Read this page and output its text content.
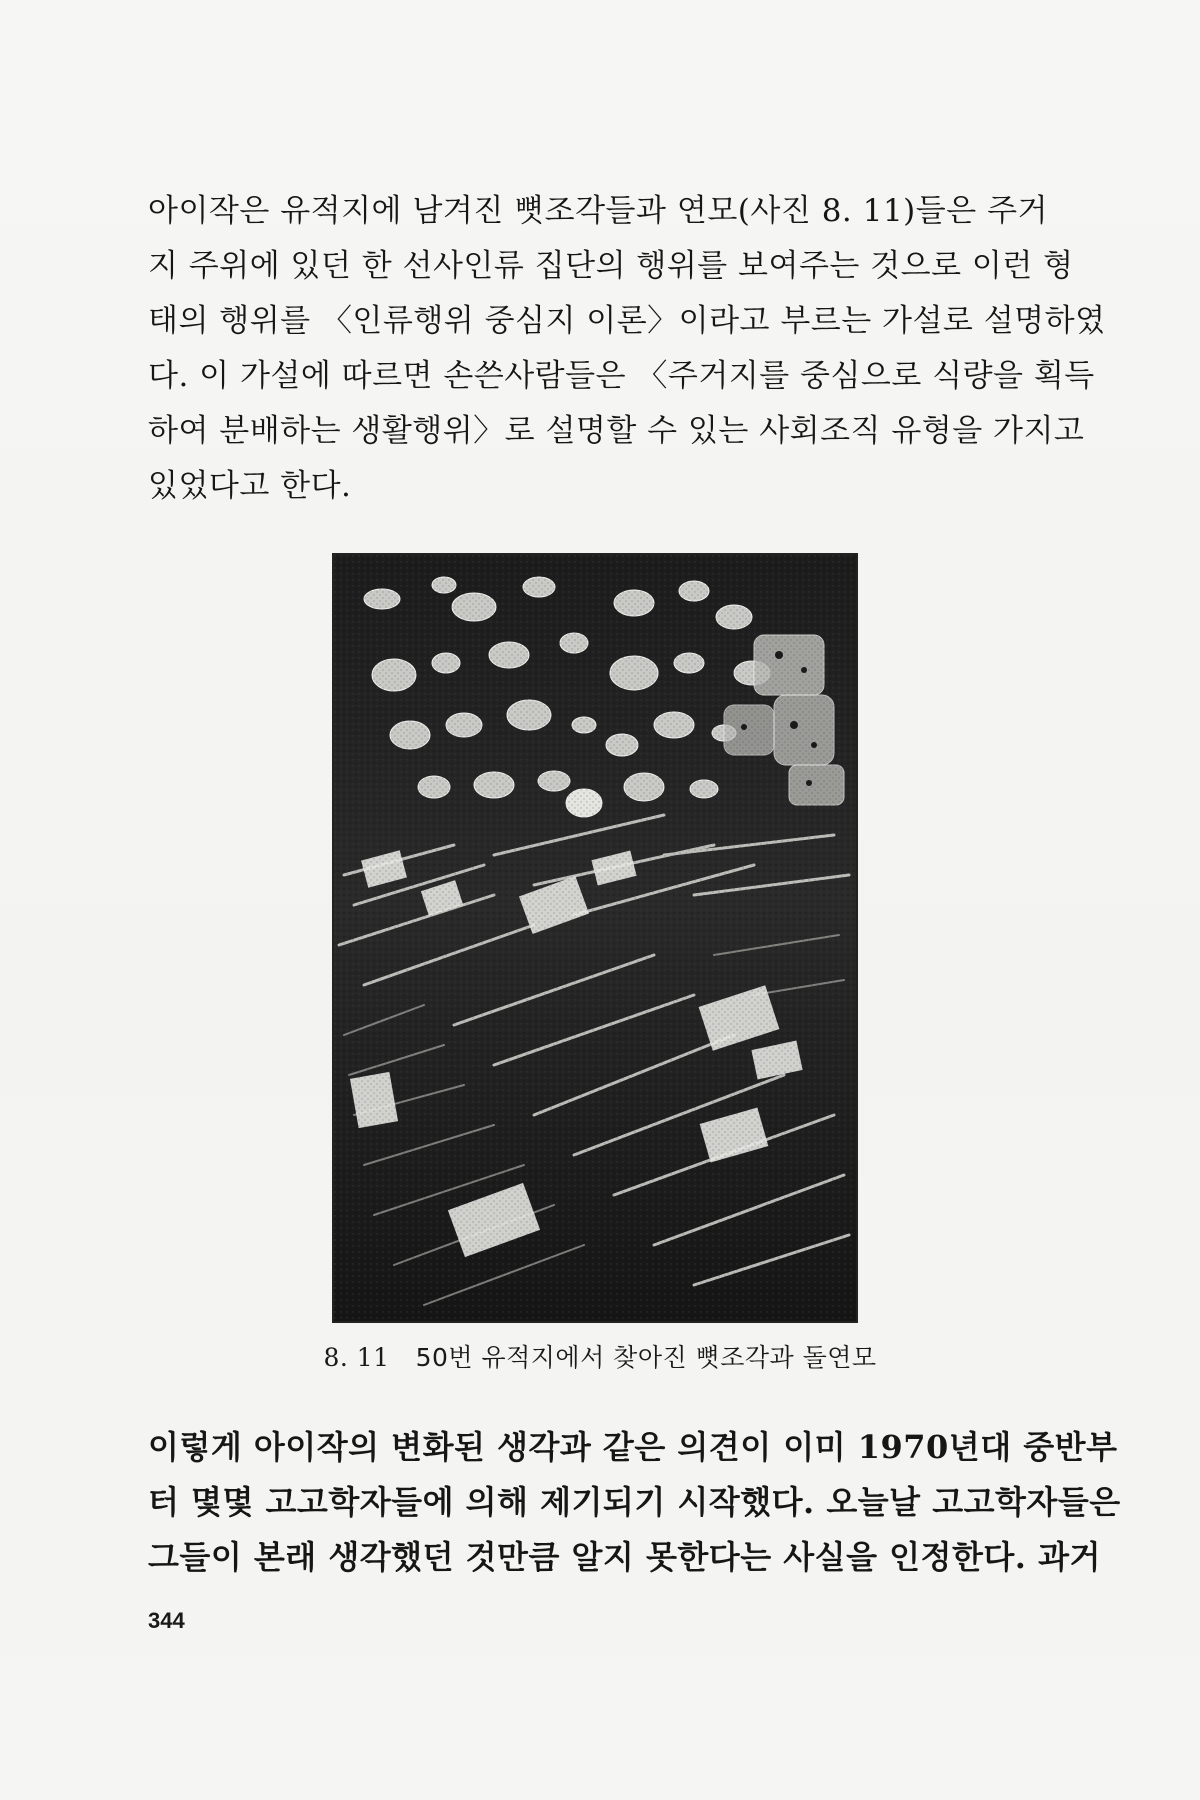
아이작은 유적지에 남겨진 뼛조각들과 연모(사진 8. 11)들은 주거
지 주위에 있던 한 선사인류 집단의 행위를 보여주는 것으로 이런 형
태의 행위를 〈인류행위 중심지 이론〉이라고 부르는 가설로 설명하였
다. 이 가설에 따르면 손쓴사람들은 〈주거지를 중심으로 식량을 획득
하여 분배하는 생활행위〉로 설명할 수 있는 사회조직 유형을 가지고
있었다고 한다.
8. 11 50번 유적지에서 찾아진 뼛조각과 돌연모
이렇게 아이작의 변화된 생각과 같은 의견이 이미 1970년대 중반부
터 몇몇 고고학자들에 의해 제기되기 시작했다. 오늘날 고고학자들은
그들이 본래 생각했던 것만큼 알지 못한다는 사실을 인정한다. 과거
344
